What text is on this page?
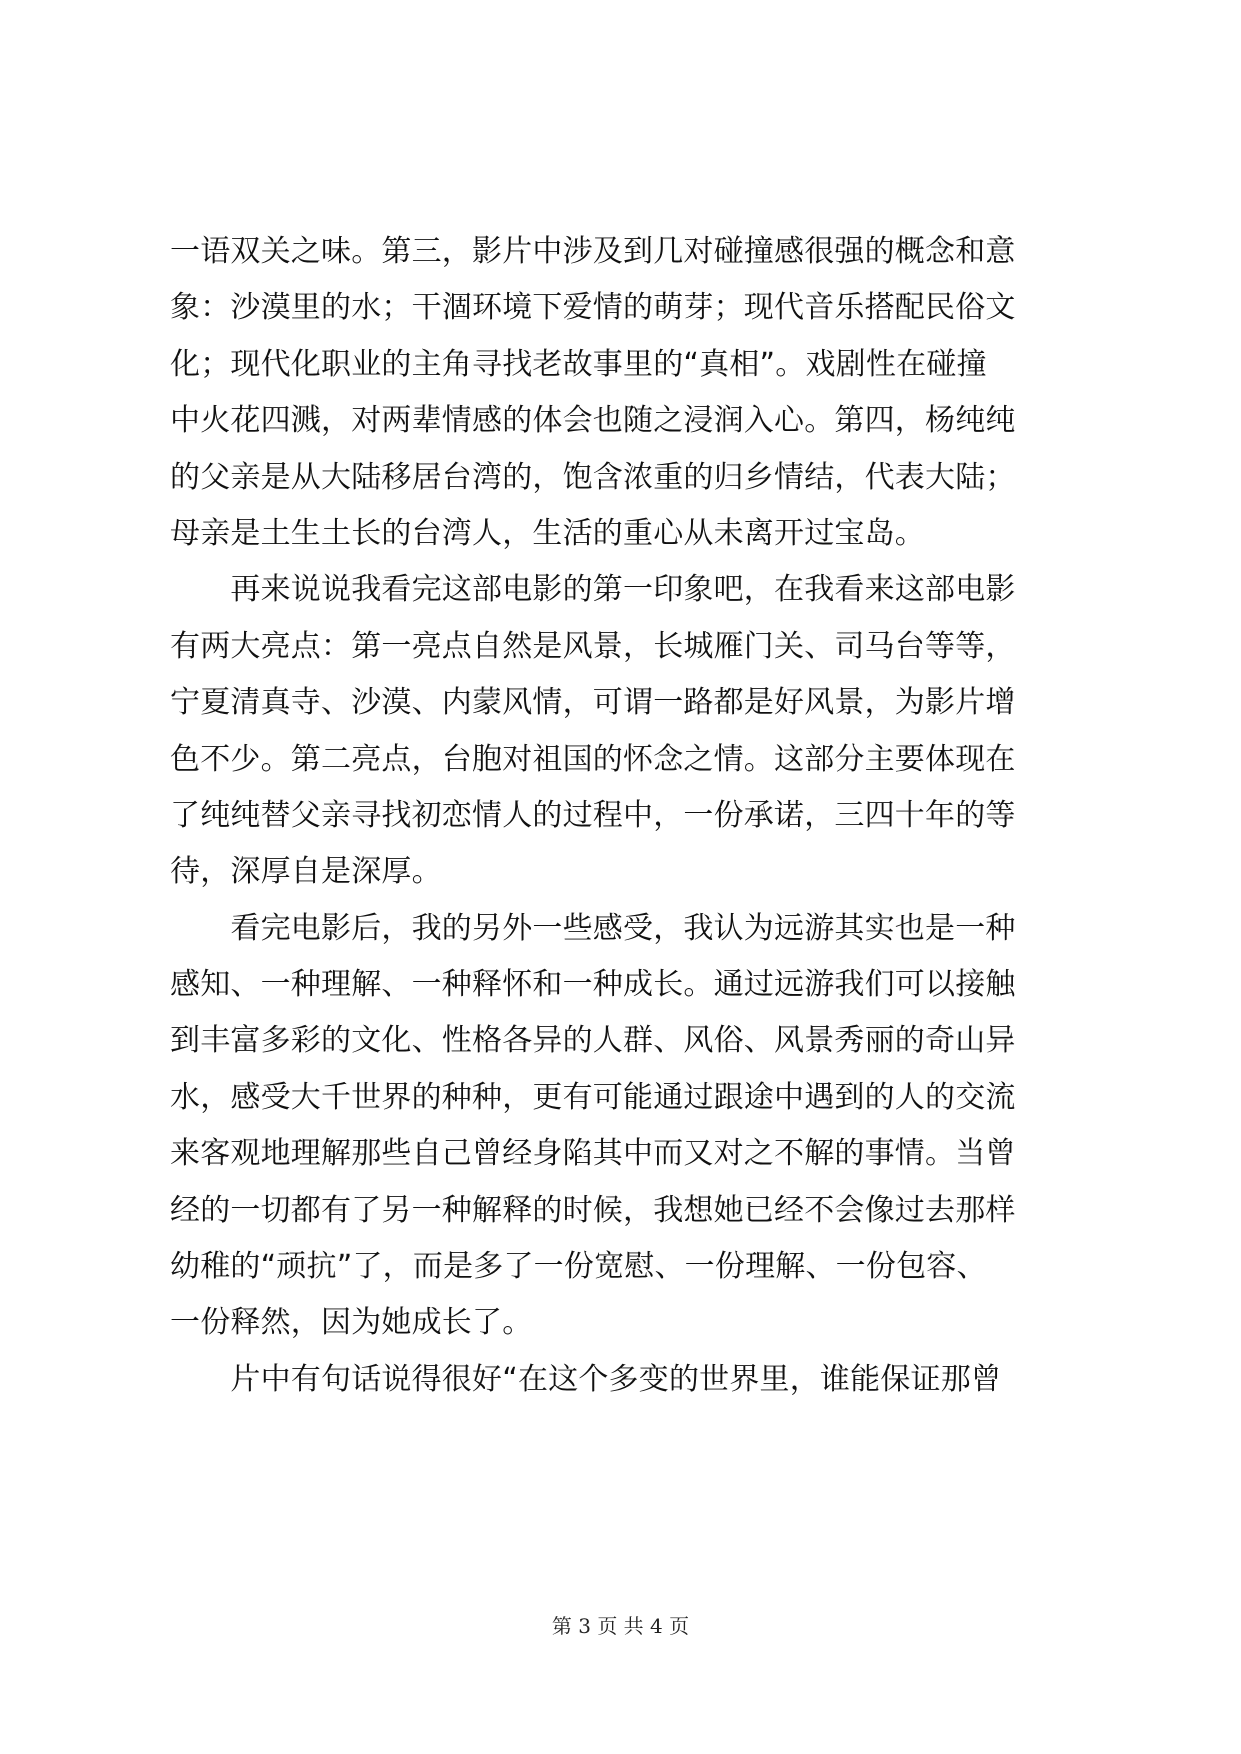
一语双关之味。第三，影片中涉及到几对碰撞感很强的概念和意
象：沙漠里的水；干涸环境下爱情的萌芽；现代音乐搭配民俗文
化；现代化职业的主角寻找老故事里的“真相”。戏剧性在碰撞
中火花四溅，对两辈情感的体会也随之浸润入心。第四，杨纯纯
的父亲是从大陆移居台湾的，饱含浓重的归乡情结，代表大陆；
母亲是土生土长的台湾人，生活的重心从未离开过宝岛。
　　再来说说我看完这部电影的第一印象吧，在我看来这部电影
有两大亮点：第一亮点自然是风景，长城雁门关、司马台等等，
宁夏清真寺、沙漠、内蒙风情，可谓一路都是好风景，为影片增
色不少。第二亮点，台胞对祖国的怀念之情。这部分主要体现在
了纯纯替父亲寻找初恋情人的过程中，一份承诺，三四十年的等
待，深厚自是深厚。
　　看完电影后，我的另外一些感受，我认为远游其实也是一种
感知、一种理解、一种释怀和一种成长。通过远游我们可以接触
到丰富多彩的文化、性格各异的人群、风俗、风景秀丽的奇山异
水，感受大千世界的种种，更有可能通过跟途中遇到的人的交流
来客观地理解那些自己曾经身陷其中而又对之不解的事情。当曾
经的一切都有了另一种解释的时候，我想她已经不会像过去那样
幼稚的“顽抗”了，而是多了一份宽慰、一份理解、一份包容、
一份释然，因为她成长了。
　　片中有句话说得很好“在这个多变的世界里，谁能保证那曾
第 3 页 共 4 页
